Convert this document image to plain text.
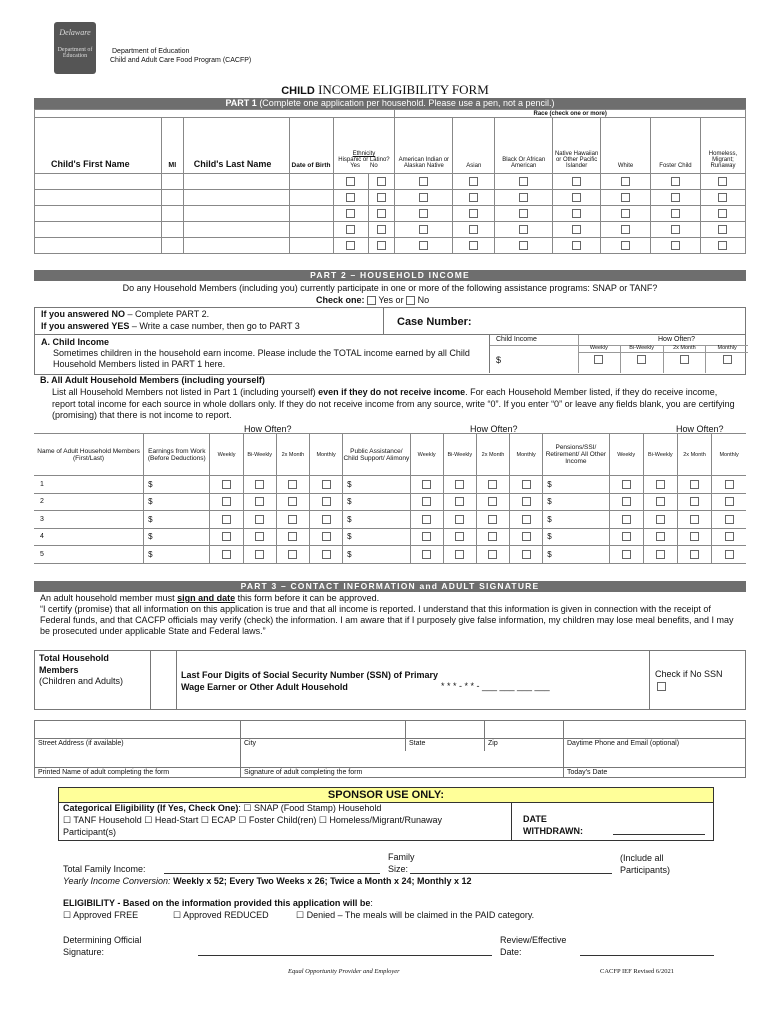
Delaware
Department of Education
Department of Education
Child and Adult Care Food Program (CACFP)
CHILD INCOME ELIGIBILITY FORM
PART 1 (Complete one application per household. Please use a pen, not a pencil.)
						Race (check one or more)						
Child's First Name	MI	Child's Last Name	Date of Birth	Ethnicity
Hispanic or Latino?
Yes No		American Indian or Alaskan Native	Asian	Black Or African American	Native Hawaiian or Other Pacific Islander	White	Foster Child	Homeless, Migrant; Runaway

PART 2 – HOUSEHOLD INCOME
Do any Household Members (including you) currently participate in one or more of the following assistance programs: SNAP or TANF?
Check one: Yes or No
If you answered NO – Complete PART 2.
If you answered YES – Write a case number, then go to PART 3	Case Number:
A. Child Income
Sometimes children in the household earn income. Please include the TOTAL income earned by all Child Household Members listed in PART 1 here.
Child Income	How Often?
$
Weekly	Bi-Weekly	2x Month	Monthly
B. All Adult Household Members (including yourself)
List all Household Members not listed in Part 1 (including yourself) even if they do not receive income. For each Household Member listed, if they do receive income, report total income for each source in whole dollars only. If they do not receive income from any source, write “0”. If you enter “0” or leave any fields blank, you are certifying (promising) that there is not income to report.
Name of Adult Household Members (First/Last)	Earnings from Work (Before Deductions)	Weekly	Bi-Weekly	2x Month	Monthly	Public Assistance/ Child Support/ Alimony	Weekly	Bi-Weekly	2x Month	Monthly	Pensions/SSI/ Retirement/ All Other Income	Weekly	Bi-Weekly	2x Month	Monthly
1	$					$					$				
2	$					$					$				
3	$					$					$				
4	$					$					$				
5	$					$					$				
How Often?	How Often?	How Often?
PART 3 – CONTACT INFORMATION and ADULT SIGNATURE
An adult household member must sign and date this form before it can be approved.
“I certify (promise) that all information on this application is true and that all income is reported. I understand that this information is given in connection with the receipt of Federal funds, and that CACFP officials may verify (check) the information. I am aware that if I purposely give false information, my children may lose meal benefits, and I may be prosecuted under applicable State and Federal laws.”
Total Household Members
(Children and Adults)
Last Four Digits of Social Security Number (SSN) of Primary Wage Earner or Other Adult Household	* * * - * * - ___ ___ ___ ___
Check if No SSN
Street Address (if available)	City	State	Zip	Daytime Phone and Email (optional)
Printed Name of adult completing the form	Signature of adult completing the form	Today's Date
SPONSOR USE ONLY:
Categorical Eligibility (If Yes, Check One): ☐ SNAP (Food Stamp) Household
☐ TANF Household ☐ Head-Start ☐ ECAP ☐ Foster Child(ren) ☐ Homeless/Migrant/Runaway
Participant(s)
DATE WITHDRAWN:
Family
Size:
(Include all Participants)
Total Family Income:
Yearly Income Conversion: Weekly x 52; Every Two Weeks x 26; Twice a Month x 24; Monthly x 12
ELIGIBILITY - Based on the information provided this application will be:
☐ Approved FREE	☐ Approved REDUCED	☐ Denied – The meals will be claimed in the PAID category.
Determining Official Signature:
Review/Effective Date:
Equal Opportunity Provider and Employer	CACFP IEF Revised 6/2021
